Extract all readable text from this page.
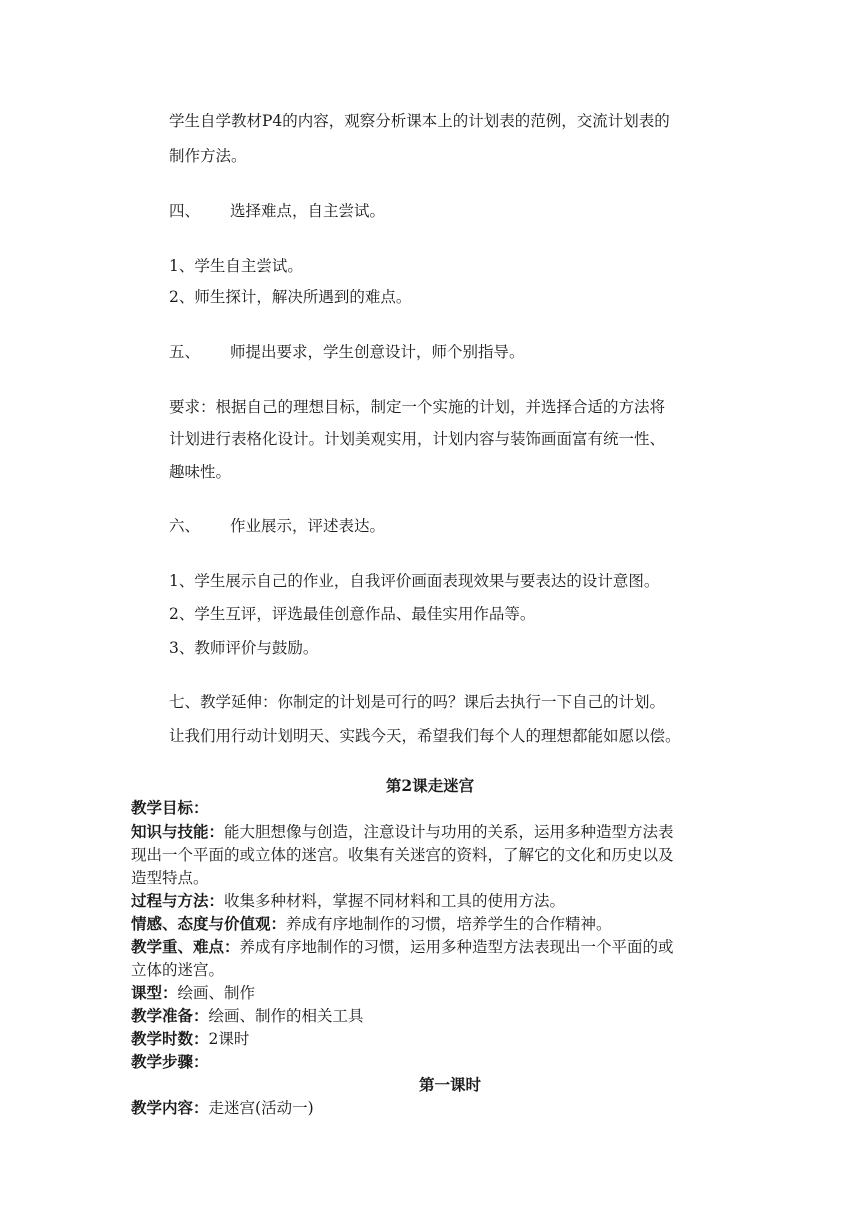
学生自学教材P4的内容，观察分析课本上的计划表的范例，交流计划表的
制作方法。
四、 选择难点，自主尝试。
1、学生自主尝试。
2、师生探计，解决所遇到的难点。
五、 师提出要求，学生创意设计，师个别指导。
要求：根据自己的理想目标，制定一个实施的计划，并选择合适的方法将
计划进行表格化设计。计划美观实用，计划内容与装饰画面富有统一性、
趣味性。
六、 作业展示，评述表达。
1、学生展示自己的作业，自我评价画面表现效果与要表达的设计意图。
2、学生互评，评选最佳创意作品、最佳实用作品等。
3、教师评价与鼓励。
七、教学延伸：你制定的计划是可行的吗？课后去执行一下自己的计划。
让我们用行动计划明天、实践今天，希望我们每个人的理想都能如愿以偿。
第2课走迷宫
教学目标：
知识与技能：能大胆想像与创造，注意设计与功用的关系，运用多种造型方法表
现出一个平面的或立体的迷宫。收集有关迷宫的资料，了解它的文化和历史以及
造型特点。
过程与方法：收集多种材料，掌握不同材料和工具的使用方法。
情感、态度与价值观：养成有序地制作的习惯，培养学生的合作精神。
教学重、难点：养成有序地制作的习惯，运用多种造型方法表现出一个平面的或
立体的迷宫。
课型：绘画、制作
教学准备：绘画、制作的相关工具
教学时数：2课时
教学步骤：
第一课时
教学内容：走迷宫(活动一)
